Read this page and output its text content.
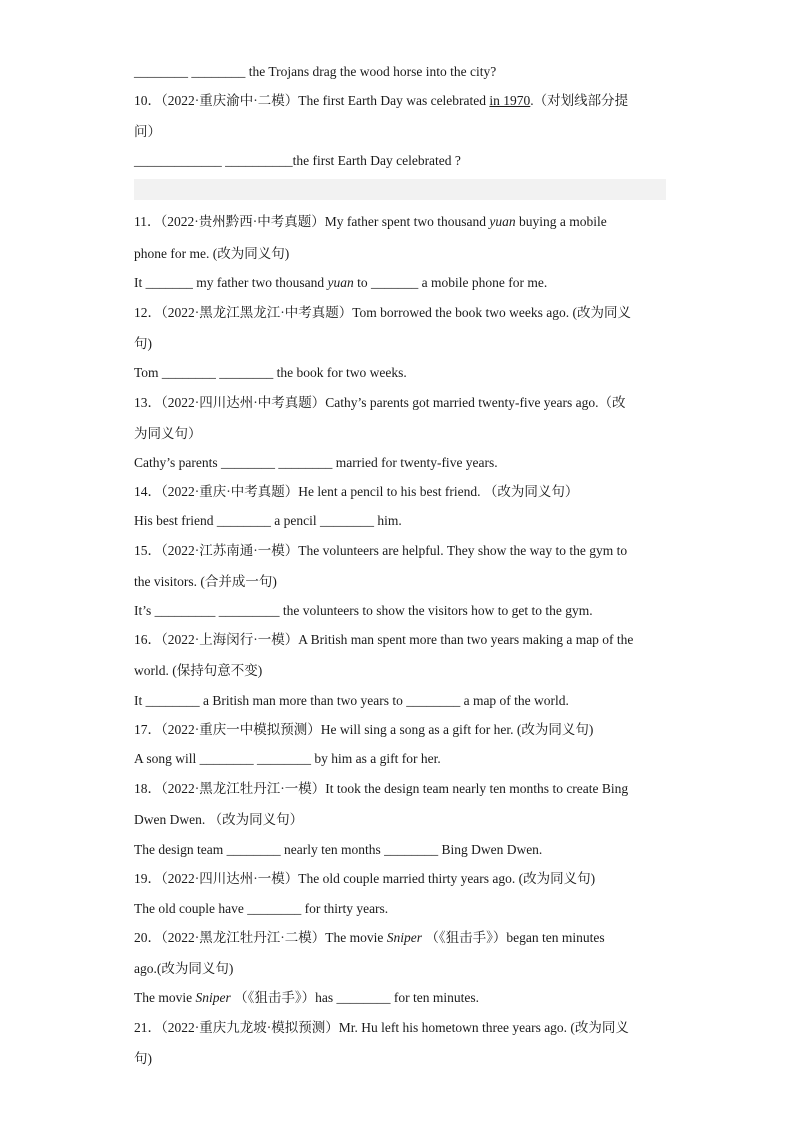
________ ________ the Trojans drag the wood horse into the city?
10．（2022·重庆渝中·二模）The first Earth Day was celebrated in 1970.（对划线部分提
问）
_____________ __________the first Earth Day celebrated ?
11．（2022·贵州黔西·中考真题）My father spent two thousand yuan buying a mobile
phone for me. (改为同义句)
It _______ my father two thousand yuan to _______ a mobile phone for me.
12．（2022·黑龙江黑龙江·中考真题）Tom borrowed the book two weeks ago. (改为同义
句)
Tom ________ ________ the book for two weeks.
13．（2022·四川达州·中考真题）Cathy’s parents got married twenty-five years ago.（改
为同义句）
Cathy’s parents ________ ________ married for twenty-five years.
14．（2022·重庆·中考真题）He lent a pencil to his best friend. （改为同义句）
His best friend ________ a pencil ________ him.
15．（2022·江苏南通·一模）The volunteers are helpful. They show the way to the gym to
the visitors. (合并成一句)
It’s _________ _________ the volunteers to show the visitors how to get to the gym.
16．（2022·上海闵行·一模）A British man spent more than two years making a map of the
world. (保持句意不变)
It ________ a British man more than two years to ________ a map of the world.
17．（2022·重庆一中模拟预测）He will sing a song as a gift for her. (改为同义句)
A song will ________ ________ by him as a gift for her.
18．（2022·黑龙江牡丹江·一模）It took the design team nearly ten months to create Bing
Dwen Dwen. （改为同义句）
The design team ________ nearly ten months ________ Bing Dwen Dwen.
19．（2022·四川达州·一模）The old couple married thirty years ago. (改为同义句)
The old couple have ________ for thirty years.
20．（2022·黑龙江牡丹江·二模）The movie Sniper （《狙击手》）began ten minutes
ago.(改为同义句)
The movie Sniper （《狙击手》）has ________ for ten minutes.
21．（2022·重庆九龙坡·模拟预测）Mr. Hu left his hometown three years ago. (改为同义
句)
